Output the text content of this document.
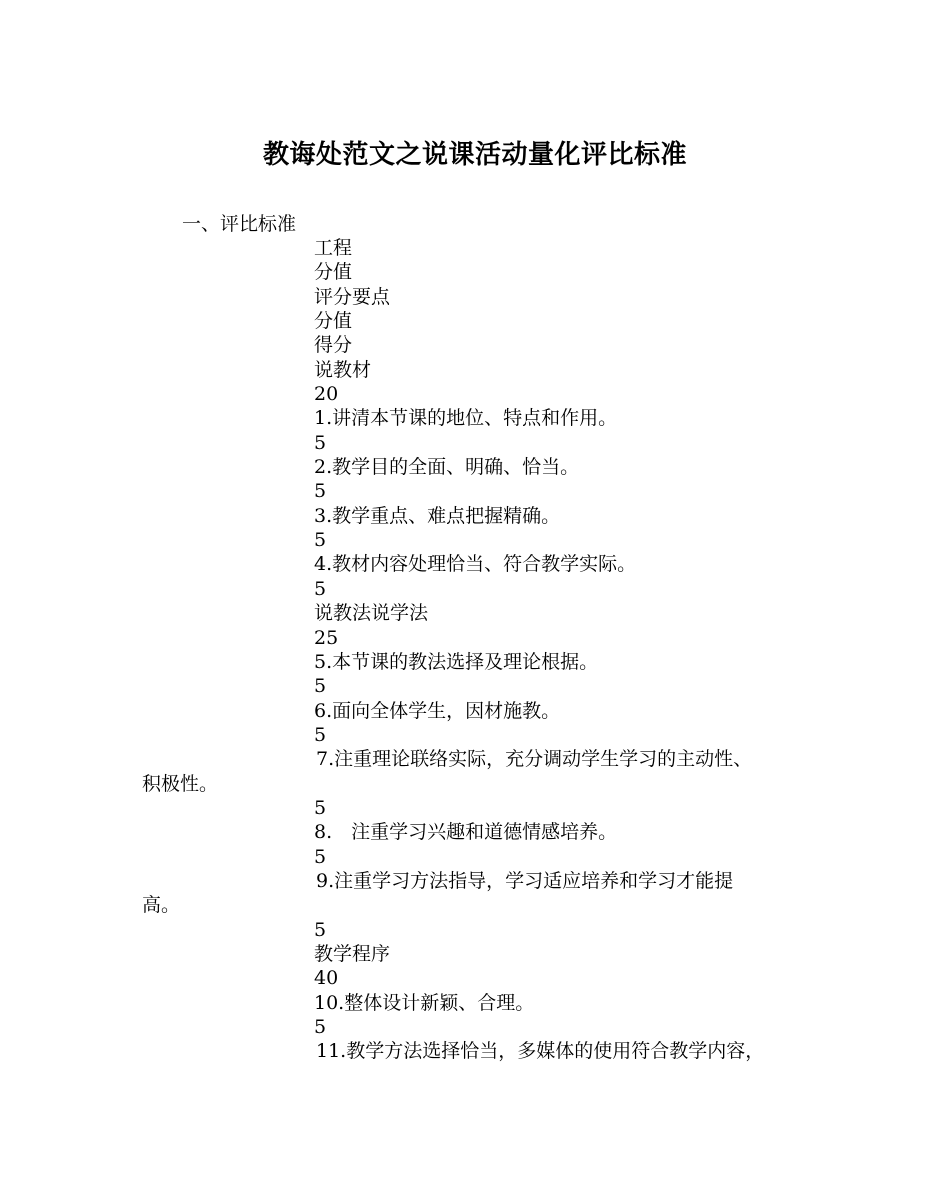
教诲处范文之说课活动量化评比标准
一、评比标准
工程
分值
评分要点
分值
得分
说教材
20
1.讲清本节课的地位、特点和作用。
5
2.教学目的全面、明确、恰当。
5
3.教学重点、难点把握精确。
5
4.教材内容处理恰当、符合教学实际。
5
说教法说学法
25
5.本节课的教法选择及理论根据。
5
6.面向全体学生，因材施教。
5
7.注重理论联络实际，充分调动学生学习的主动性、
积极性。
5
8.　注重学习兴趣和道德情感培养。
5
9.注重学习方法指导，学习适应培养和学习才能提
高。
5
教学程序
40
10.整体设计新颖、合理。
5
11.教学方法选择恰当，多媒体的使用符合教学内容，
